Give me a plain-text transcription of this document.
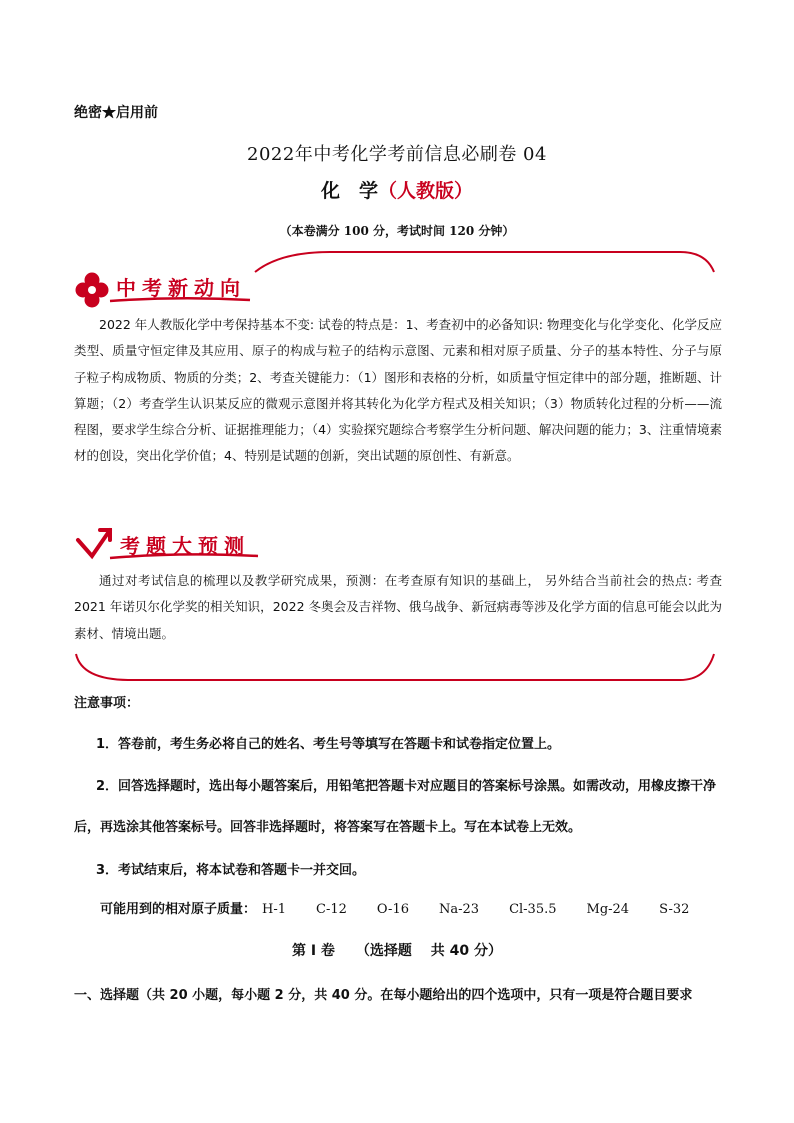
绝密★启用前
2022年中考化学考前信息必刷卷 04
化　学（人教版）
（本卷满分 100 分，考试时间 120 分钟）
中考新动向

2022 年人教版化学中考保持基本不变: 试卷的特点是：1、考查初中的必备知识: 物理变化与化学变化、化学反应类型、质量守恒定律及其应用、原子的构成与粒子的结构示意图、元素和相对原子质量、分子的基本特性、分子与原子粒子构成物质、物质的分类；2、考查关键能力：（1）图形和表格的分析，如质量守恒定律中的部分题，推断题、计算题；（2）考查学生认识某反应的微观示意图并将其转化为化学方程式及相关知识；（3）物质转化过程的分析——流程图，要求学生综合分析、证据推理能力；（4）实验探究题综合考察学生分析问题、解决问题的能力；3、注重情境素材的创设，突出化学价值；4、特别是试题的创新，突出试题的原创性、有新意。

考题大预测

通过对考试信息的梳理以及教学研究成果，预测：在考查原有知识的基础上， 另外结合当前社会的热点: 考查 2021 年诺贝尔化学奖的相关知识，2022 冬奥会及吉祥物、俄乌战争、新冠病毒等涉及化学方面的信息可能会以此为素材、情境出题。

注意事项：
1．答卷前，考生务必将自己的姓名、考生号等填写在答题卡和试卷指定位置上。
2．回答选择题时，选出每小题答案后，用铅笔把答题卡对应题目的答案标号涂黑。如需改动，用橡皮擦干净后，再选涂其他答案标号。回答非选择题时，将答案写在答题卡上。写在本试卷上无效。
3．考试结束后，将本试卷和答题卡一并交回。
可能用到的相对原子质量： H-1 C-12 O-16 Na-23 Cl-35.5 Mg-24 S-32
第 I 卷　　（选择题　 共 40 分）
一、选择题（共 20 小题，每小题 2 分，共 40 分。在每小题给出的四个选项中，只有一项是符合题目要求
